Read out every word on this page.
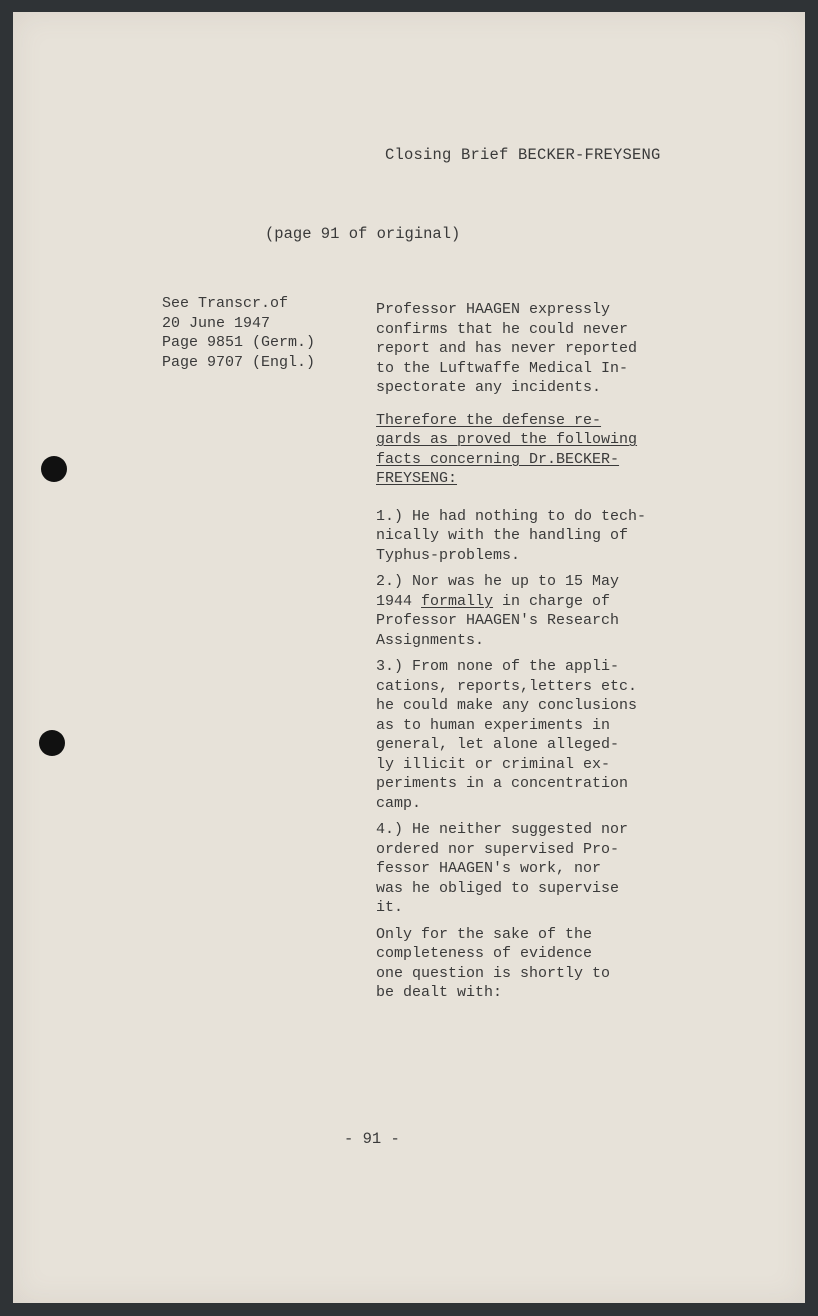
Closing Brief BECKER-FREYSENG
(page 91 of original)
See Transcr.of
20 June 1947
Page 9851 (Germ.)
Page 9707 (Engl.)

Professor HAAGEN expressly
confirms that he could never
report and has never reported
to the Luftwaffe Medical In-
spectorate any incidents.

Therefore the defense re-
gards as proved the following
facts concerning Dr.BECKER-
FREYSENG:

1.) He had nothing to do tech-
nically with the handling of
Typhus-problems.

2.) Nor was he up to 15 May
1944 formally in charge of
Professor HAAGEN's Research
Assignments.

3.) From none of the appli-
cations, reports,letters etc.
he could make any conclusions
as to human experiments in
general, let alone alleged-
ly illicit or criminal ex-
periments in a concentration
camp.

4.) He neither suggested nor
ordered nor supervised Pro-
fessor HAAGEN's work, nor
was he obliged to supervise
it.

Only for the sake of the
completeness of evidence
one question is shortly to
be dealt with:

- 91 -
